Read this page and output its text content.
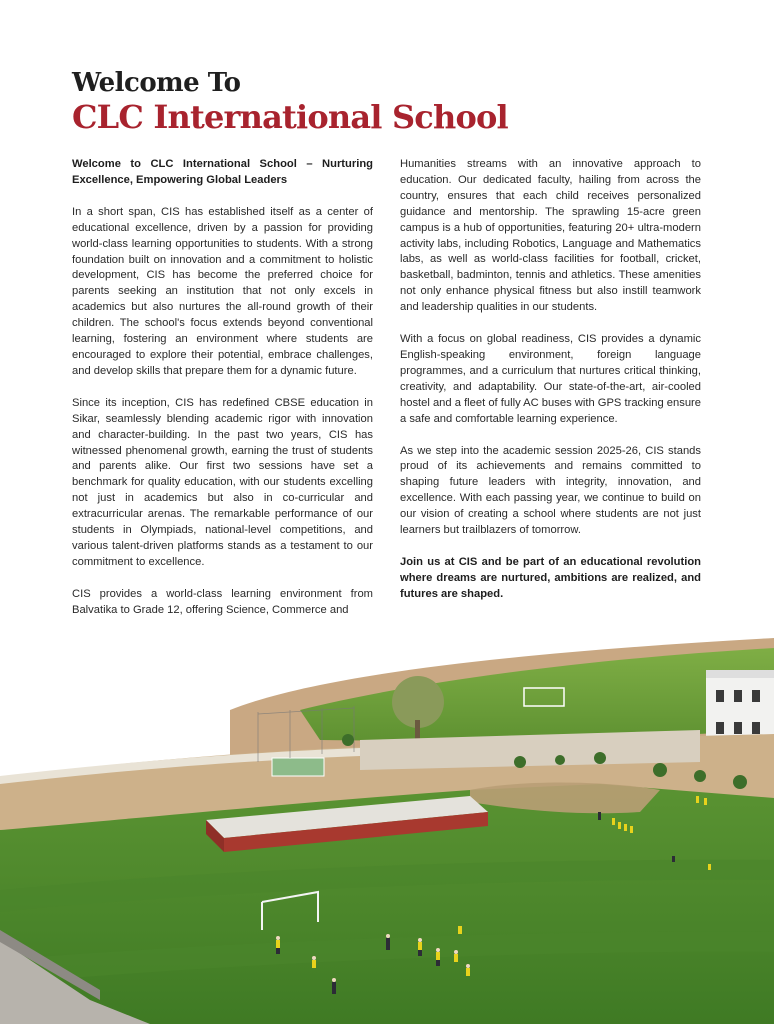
Welcome To
CLC International School

Welcome to CLC International School – Nurturing Excellence, Empowering Global Leaders

In a short span, CIS has established itself as a center of educational excellence, driven by a passion for providing world-class learning opportunities to students. With a strong foundation built on innovation and a commitment to holistic development, CIS has become the preferred choice for parents seeking an institution that not only excels in academics but also nurtures the all-round growth of their children. The school's focus extends beyond conventional learning, fostering an environment where students are encouraged to explore their potential, embrace challenges, and develop skills that prepare them for a dynamic future.

Since its inception, CIS has redefined CBSE education in Sikar, seamlessly blending academic rigor with innovation and character-building. In the past two years, CIS has witnessed phenomenal growth, earning the trust of students and parents alike. Our first two sessions have set a benchmark for quality education, with our students excelling not just in academics but also in co-curricular and extracurricular arenas. The remarkable performance of our students in Olympiads, national-level competitions, and various talent-driven platforms stands as a testament to our commitment to excellence.

CIS provides a world-class learning environment from Balvatika to Grade 12, offering Science, Commerce and

Humanities streams with an innovative approach to education. Our dedicated faculty, hailing from across the country, ensures that each child receives personalized guidance and mentorship. The sprawling 15-acre green campus is a hub of opportunities, featuring 20+ ultra-modern activity labs, including Robotics, Language and Mathematics labs, as well as world-class facilities for football, cricket, basketball, badminton, tennis and athletics. These amenities not only enhance physical fitness but also instill teamwork and leadership qualities in our students.

With a focus on global readiness, CIS provides a dynamic English-speaking environment, foreign language programmes, and a curriculum that nurtures critical thinking, creativity, and adaptability. Our state-of-the-art, air-cooled hostel and a fleet of fully AC buses with GPS tracking ensure a safe and comfortable learning experience.

As we step into the academic session 2025-26, CIS stands proud of its achievements and remains committed to shaping future leaders with integrity, innovation, and excellence. With each passing year, we continue to build on our vision of creating a school where students are not just learners but trailblazers of tomorrow.

Join us at CIS and be part of an educational revolution where dreams are nurtured, ambitions are realized, and futures are shaped.
